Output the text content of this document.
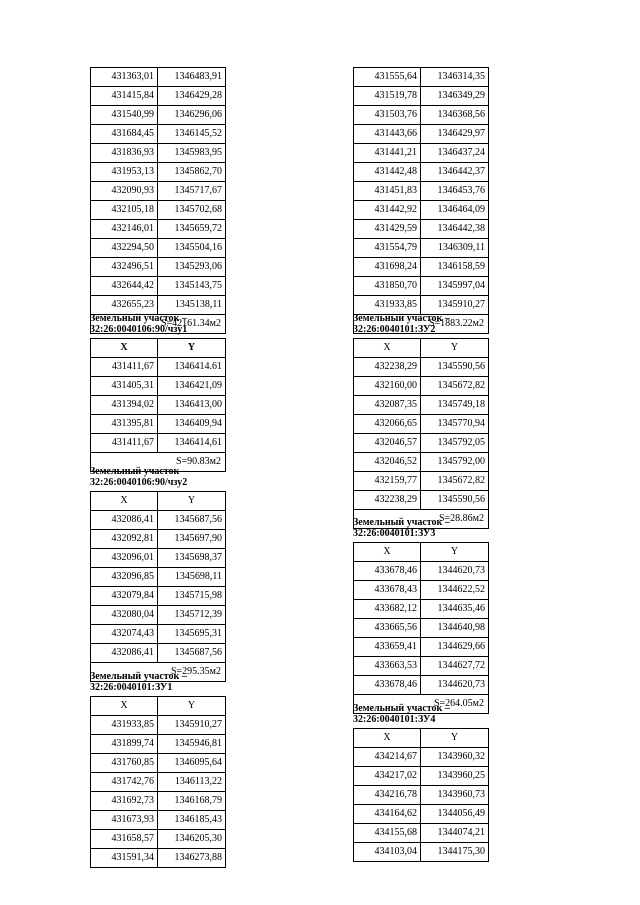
431363,01	1346483,91
431415,84	1346429,28
431540,99	1346296,06
431684,45	1346145,52
431836,93	1345983,95
431953,13	1345862,70
432090,93	1345717,67
432105,18	1345702,68
432146,01	1345659,72
432294,50	1345504,16
432496,51	1345293,06
432644,42	1345143,75
432655,23	1345138,11
S=42161.34м2	
Земельный участок –
32:26:0040106:90/чзу1
X	Y
431411,67	1346414.61
431405,31	1346421,09
431394,02	1346413,00
431395,81	1346409,94
431411,67	1346414,61
S=90.83м2	
Земельный участок –
32:26:0040106:90/чзу2
X	Y
432086,41	1345687,56
432092,81	1345697,90
432096,01	1345698,37
432096,85	1345698,11
432079,84	1345715,98
432080,04	1345712,39
432074,43	1345695,31
432086,41	1345687,56
S=295.35м2	
Земельный участок –
32:26:0040101:ЗУ1
X	Y
431933,85	1345910,27
431899,74	1345946,81
431760,85	1346095,64
431742,76	1346113,22
431692,73	1346168,79
431673,93	1346185,43
431658,57	1346205,30
431591,34	1346273,88
431555,64	1346314,35
431519,78	1346349,29
431503,76	1346368,56
431443,66	1346429,97
431441,21	1346437,24
431442,48	1346442,37
431451,83	1346453,76
431442,92	1346464,09
431429,59	1346442,38
431554,79	1346309,11
431698,24	1346158,59
431850,70	1345997,04
431933,85	1345910,27
S=1883.22м2	
Земельный участок –
32:26:0040101:ЗУ2
X	Y
432238,29	1345590,56
432160,00	1345672,82
432087,35	1345749,18
432066,65	1345770,94
432046,57	1345792,05
432046,52	1345792,00
432159,77	1345672,82
432238,29	1345590,56
S=28.86м2	
Земельный участок –
32:26:0040101:ЗУ3
X	Y
433678,46	1344620,73
433678,43	1344622,52
433682,12	1344635,46
433665,56	1344640,98
433659,41	1344629,66
433663,53	1344627,72
433678,46	1344620,73
S=264.05м2	
Земельный участок –
32:26:0040101:ЗУ4
X	Y
434214,67	1343960,32
434217,02	1343960,25
434216,78	1343960,73
434164,62	1344056,49
434155,68	1344074,21
434103,04	1344175,30
